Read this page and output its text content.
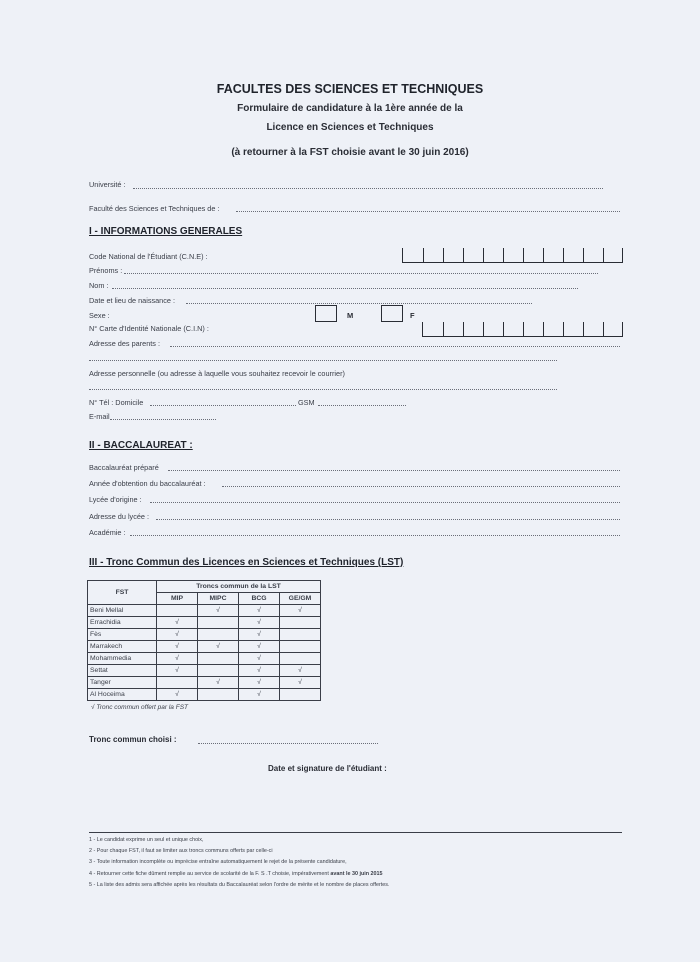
FACULTES DES SCIENCES ET TECHNIQUES
Formulaire de candidature à la 1ère année de la
Licence en Sciences et Techniques
(à retourner à la FST choisie avant le 30 juin 2016)
Université :
Faculté des Sciences et Techniques de :
I - INFORMATIONS GENERALES
Code National de l'Étudiant (C.N.E) :
Prénoms :
Nom :
Date et lieu de naissance :
Sexe :	M	F
N° Carte d'Identité Nationale (C.I.N) :
Adresse des parents :
Adresse personnelle (ou adresse à laquelle vous souhaitez recevoir le courrier)
N° Tél : Domicile	GSM
E-mail
II - BACCALAUREAT :
Baccalauréat préparé
Année d'obtention du baccalauréat :
Lycée d'origine :
Adresse du lycée :
Académie :
III - Tronc Commun des Licences en Sciences et Techniques (LST)
FST	Troncs commun de la LST			
	MIP	MIPC	BCG	GE/GM
Beni Mellal		√	√	√
Errachidia	√		√	
Fès	√		√	
Marrakech	√	√	√	
Mohammedia	√		√	
Settat	√		√	√
Tanger		√	√	√
Al Hoceima	√		√	
√ Tronc commun offert par la FST
Tronc commun choisi :
Date et signature de l'étudiant :
1 - Le candidat exprime un seul et unique choix,
2 - Pour chaque FST, il faut se limiter aux troncs communs offerts par celle-ci
3 - Toute information incomplète ou imprécise entraîne automatiquement le rejet de la présente candidature,
4 - Retourner cette fiche dûment remplie au service de scolarité de la F. S .T choisie, impérativement avant le 30 juin 2015
5 - La liste des admis sera affichée après les résultats du Baccalauréat selon l'ordre de mérite et le nombre de places offertes.
